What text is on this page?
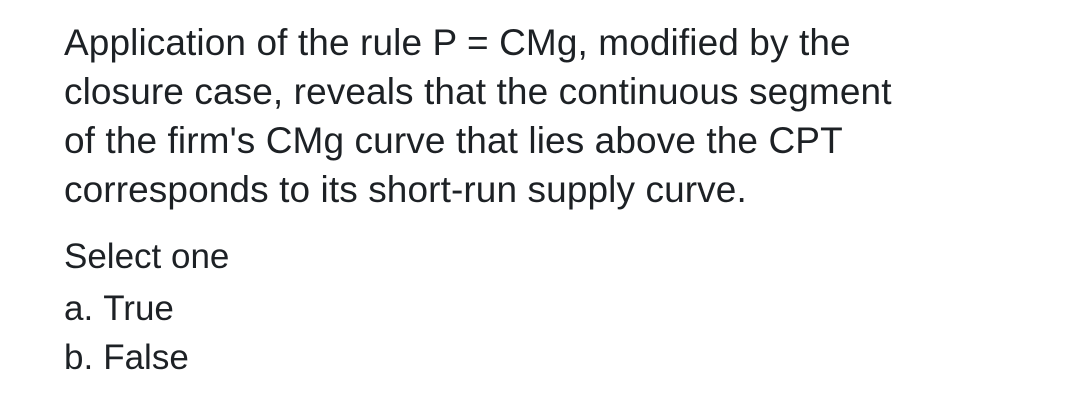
Application of the rule P = CMg, modified by the
closure case, reveals that the continuous segment
of the firm's CMg curve that lies above the CPT
corresponds to its short-run supply curve.

Select one
a. True
b. False
